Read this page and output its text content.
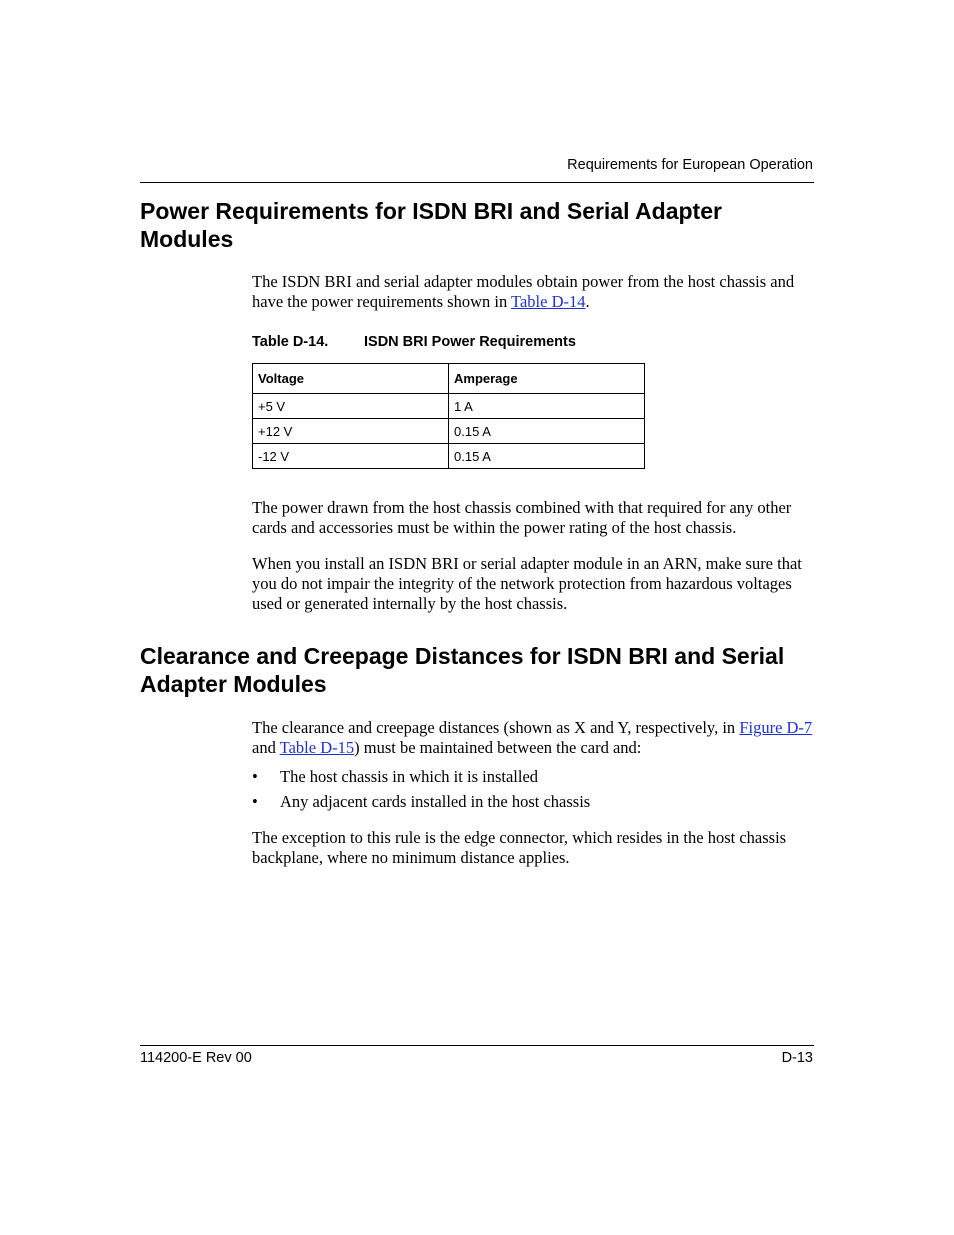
Requirements for European Operation
Power Requirements for ISDN BRI and Serial Adapter Modules

The ISDN BRI and serial adapter modules obtain power from the host chassis and have the power requirements shown in Table D-14.

Table D-14. ISDN BRI Power Requirements
Voltage	Amperage
+5 V	1 A
+12 V	0.15 A
-12 V	0.15 A

The power drawn from the host chassis combined with that required for any other cards and accessories must be within the power rating of the host chassis.

When you install an ISDN BRI or serial adapter module in an ARN, make sure that you do not impair the integrity of the network protection from hazardous voltages used or generated internally by the host chassis.

Clearance and Creepage Distances for ISDN BRI and Serial Adapter Modules

The clearance and creepage distances (shown as X and Y, respectively, in Figure D-7 and Table D-15) must be maintained between the card and:

• The host chassis in which it is installed
• Any adjacent cards installed in the host chassis

The exception to this rule is the edge connector, which resides in the host chassis backplane, where no minimum distance applies.

114200-E Rev 00	D-13
